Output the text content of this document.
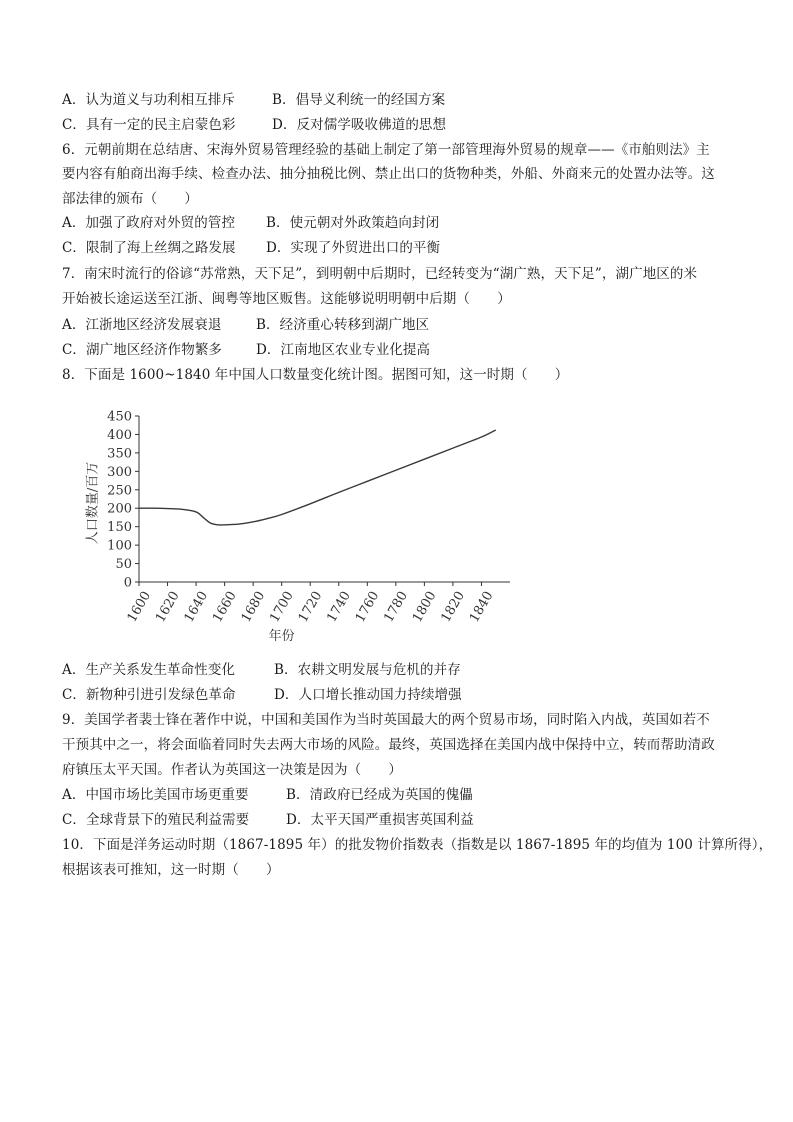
A．认为道义与功利相互排斥	B．倡导义利统一的经国方案
C．具有一定的民主启蒙色彩	D．反对儒学吸收佛道的思想
6．元朝前期在总结唐、宋海外贸易管理经验的基础上制定了第一部管理海外贸易的规章——《市舶则法》主
要内容有舶商出海手续、检查办法、抽分抽税比例、禁止出口的货物种类，外船、外商来元的处置办法等。这
部法律的颁布（　　）
A．加强了政府对外贸的管控 B．使元朝对外政策趋向封闭
C．限制了海上丝绸之路发展 D．实现了外贸进出口的平衡
7．南宋时流行的俗谚“苏常熟，天下足”，到明朝中后期时，已经转变为“湖广熟，天下足”，湖广地区的米
开始被长途运送至江浙、闽粤等地区贩售。这能够说明明朝中后期（　　）
A．江浙地区经济发展衰退	B．经济重心转移到湖广地区
C．湖广地区经济作物繁多	D．江南地区农业专业化提高
8．下面是 1600~1840 年中国人口数量变化统计图。据图可知，这一时期（　　）
0
50
100
150
200
250
300
350
400
450
1600 1620 1640 1660 1680 1700 1720 1740 1760 1780 1800 1820 1840
人口数量/百万
年份
A．生产关系发生革命性变化	B．农耕文明发展与危机的并存
C．新物种引进引发绿色革命	D．人口增长推动国力持续增强
9．美国学者裴士锋在著作中说，中国和美国作为当时英国最大的两个贸易市场，同时陷入内战，英国如若不
干预其中之一，将会面临着同时失去两大市场的风险。最终，英国选择在美国内战中保持中立，转而帮助清政
府镇压太平天国。作者认为英国这一决策是因为（　　）
A．中国市场比美国市场更重要	B．清政府已经成为英国的傀儡
C．全球背景下的殖民利益需要	D．太平天国严重损害英国利益
10．下面是洋务运动时期（1867-1895 年）的批发物价指数表（指数是以 1867-1895 年的均值为 100 计算所得），
根据该表可推知，这一时期（　　）
